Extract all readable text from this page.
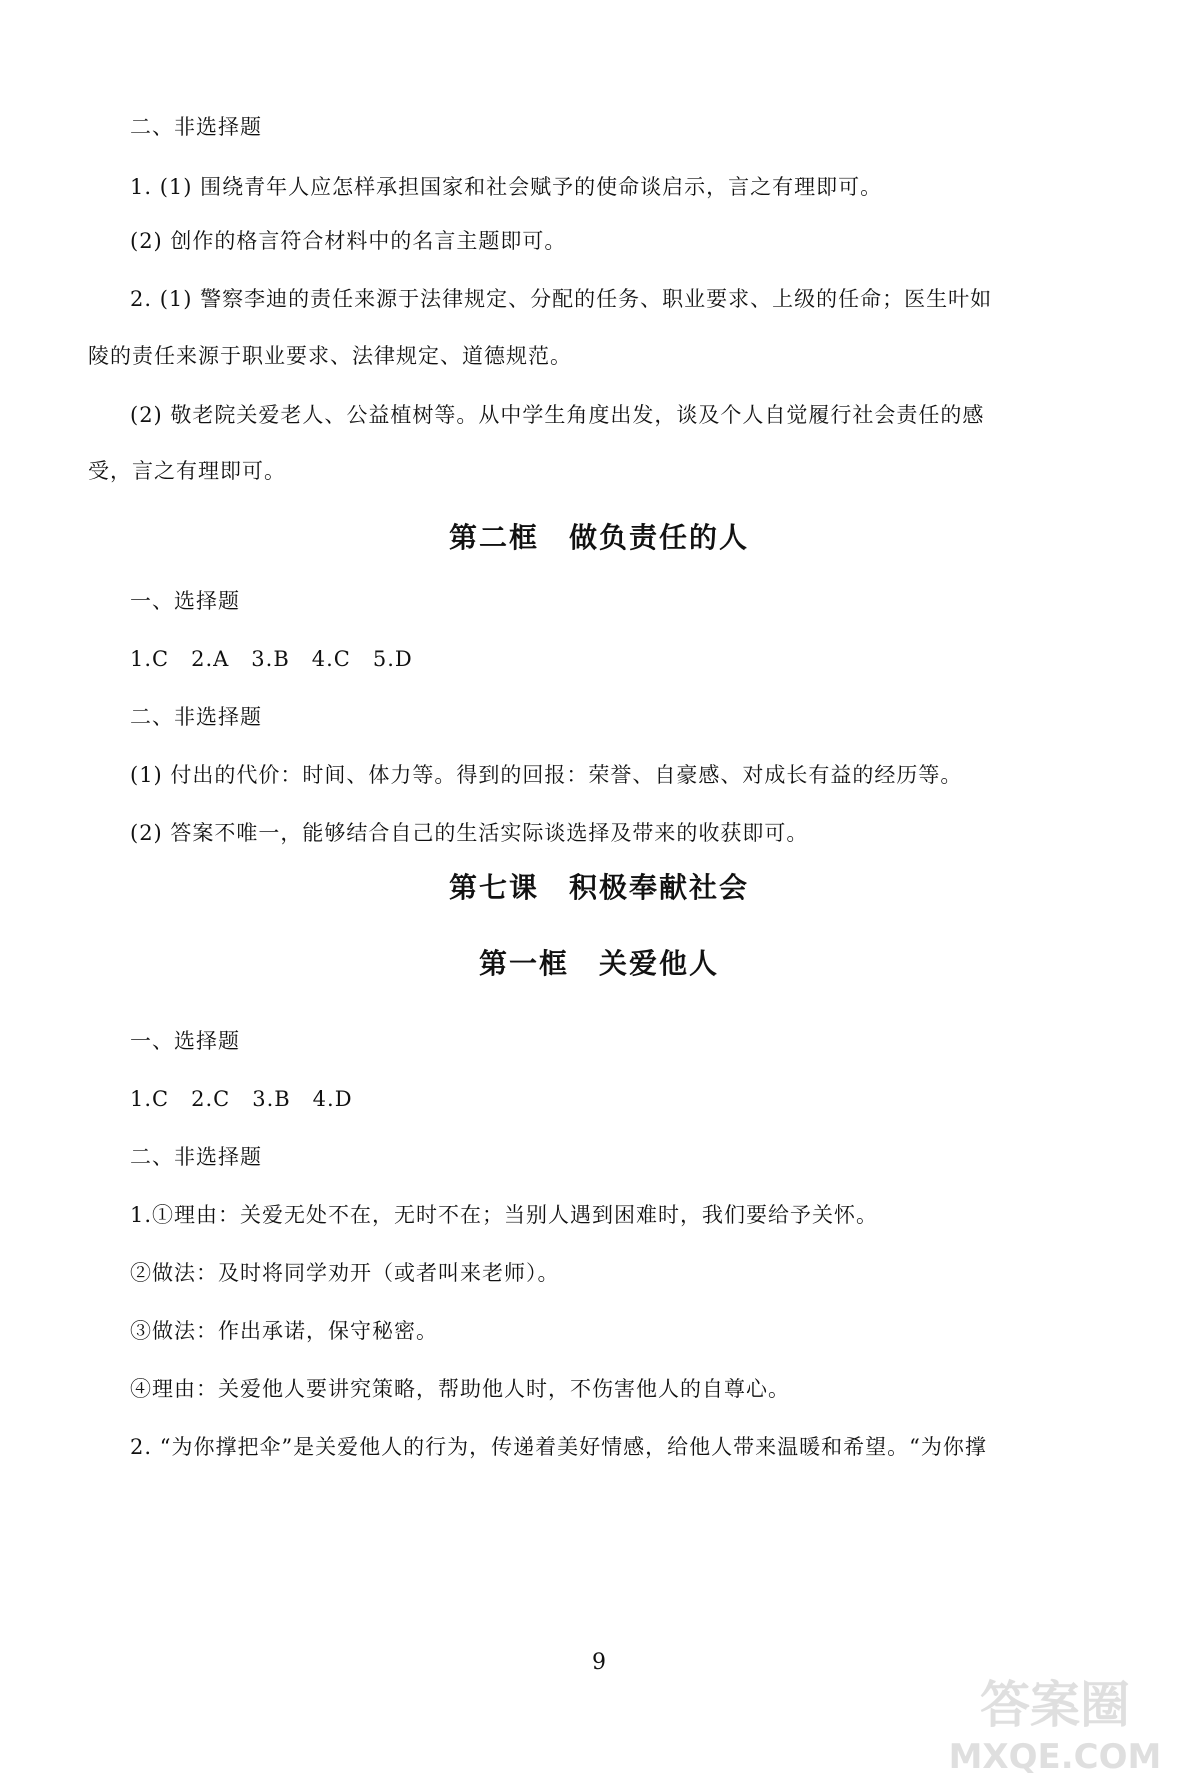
二、非选择题
1. (1) 围绕青年人应怎样承担国家和社会赋予的使命谈启示，言之有理即可。
(2) 创作的格言符合材料中的名言主题即可。
2. (1) 警察李迪的责任来源于法律规定、分配的任务、职业要求、上级的任命；医生叶如
陵的责任来源于职业要求、法律规定、道德规范。
(2) 敬老院关爱老人、公益植树等。从中学生角度出发，谈及个人自觉履行社会责任的感
受，言之有理即可。
第二框　做负责任的人
一、选择题
1.C　2.A　3.B　4.C　5.D
二、非选择题
(1) 付出的代价：时间、体力等。得到的回报：荣誉、自豪感、对成长有益的经历等。
(2) 答案不唯一，能够结合自己的生活实际谈选择及带来的收获即可。
第七课　积极奉献社会
第一框　关爱他人
一、选择题
1.C　2.C　3.B　4.D
二、非选择题
1.①理由：关爱无处不在，无时不在；当别人遇到困难时，我们要给予关怀。
②做法：及时将同学劝开（或者叫来老师）。
③做法：作出承诺，保守秘密。
④理由：关爱他人要讲究策略，帮助他人时，不伤害他人的自尊心。
2. “为你撑把伞”是关爱他人的行为，传递着美好情感，给他人带来温暖和希望。“为你撑
9
答案圈
MXQE.COM
